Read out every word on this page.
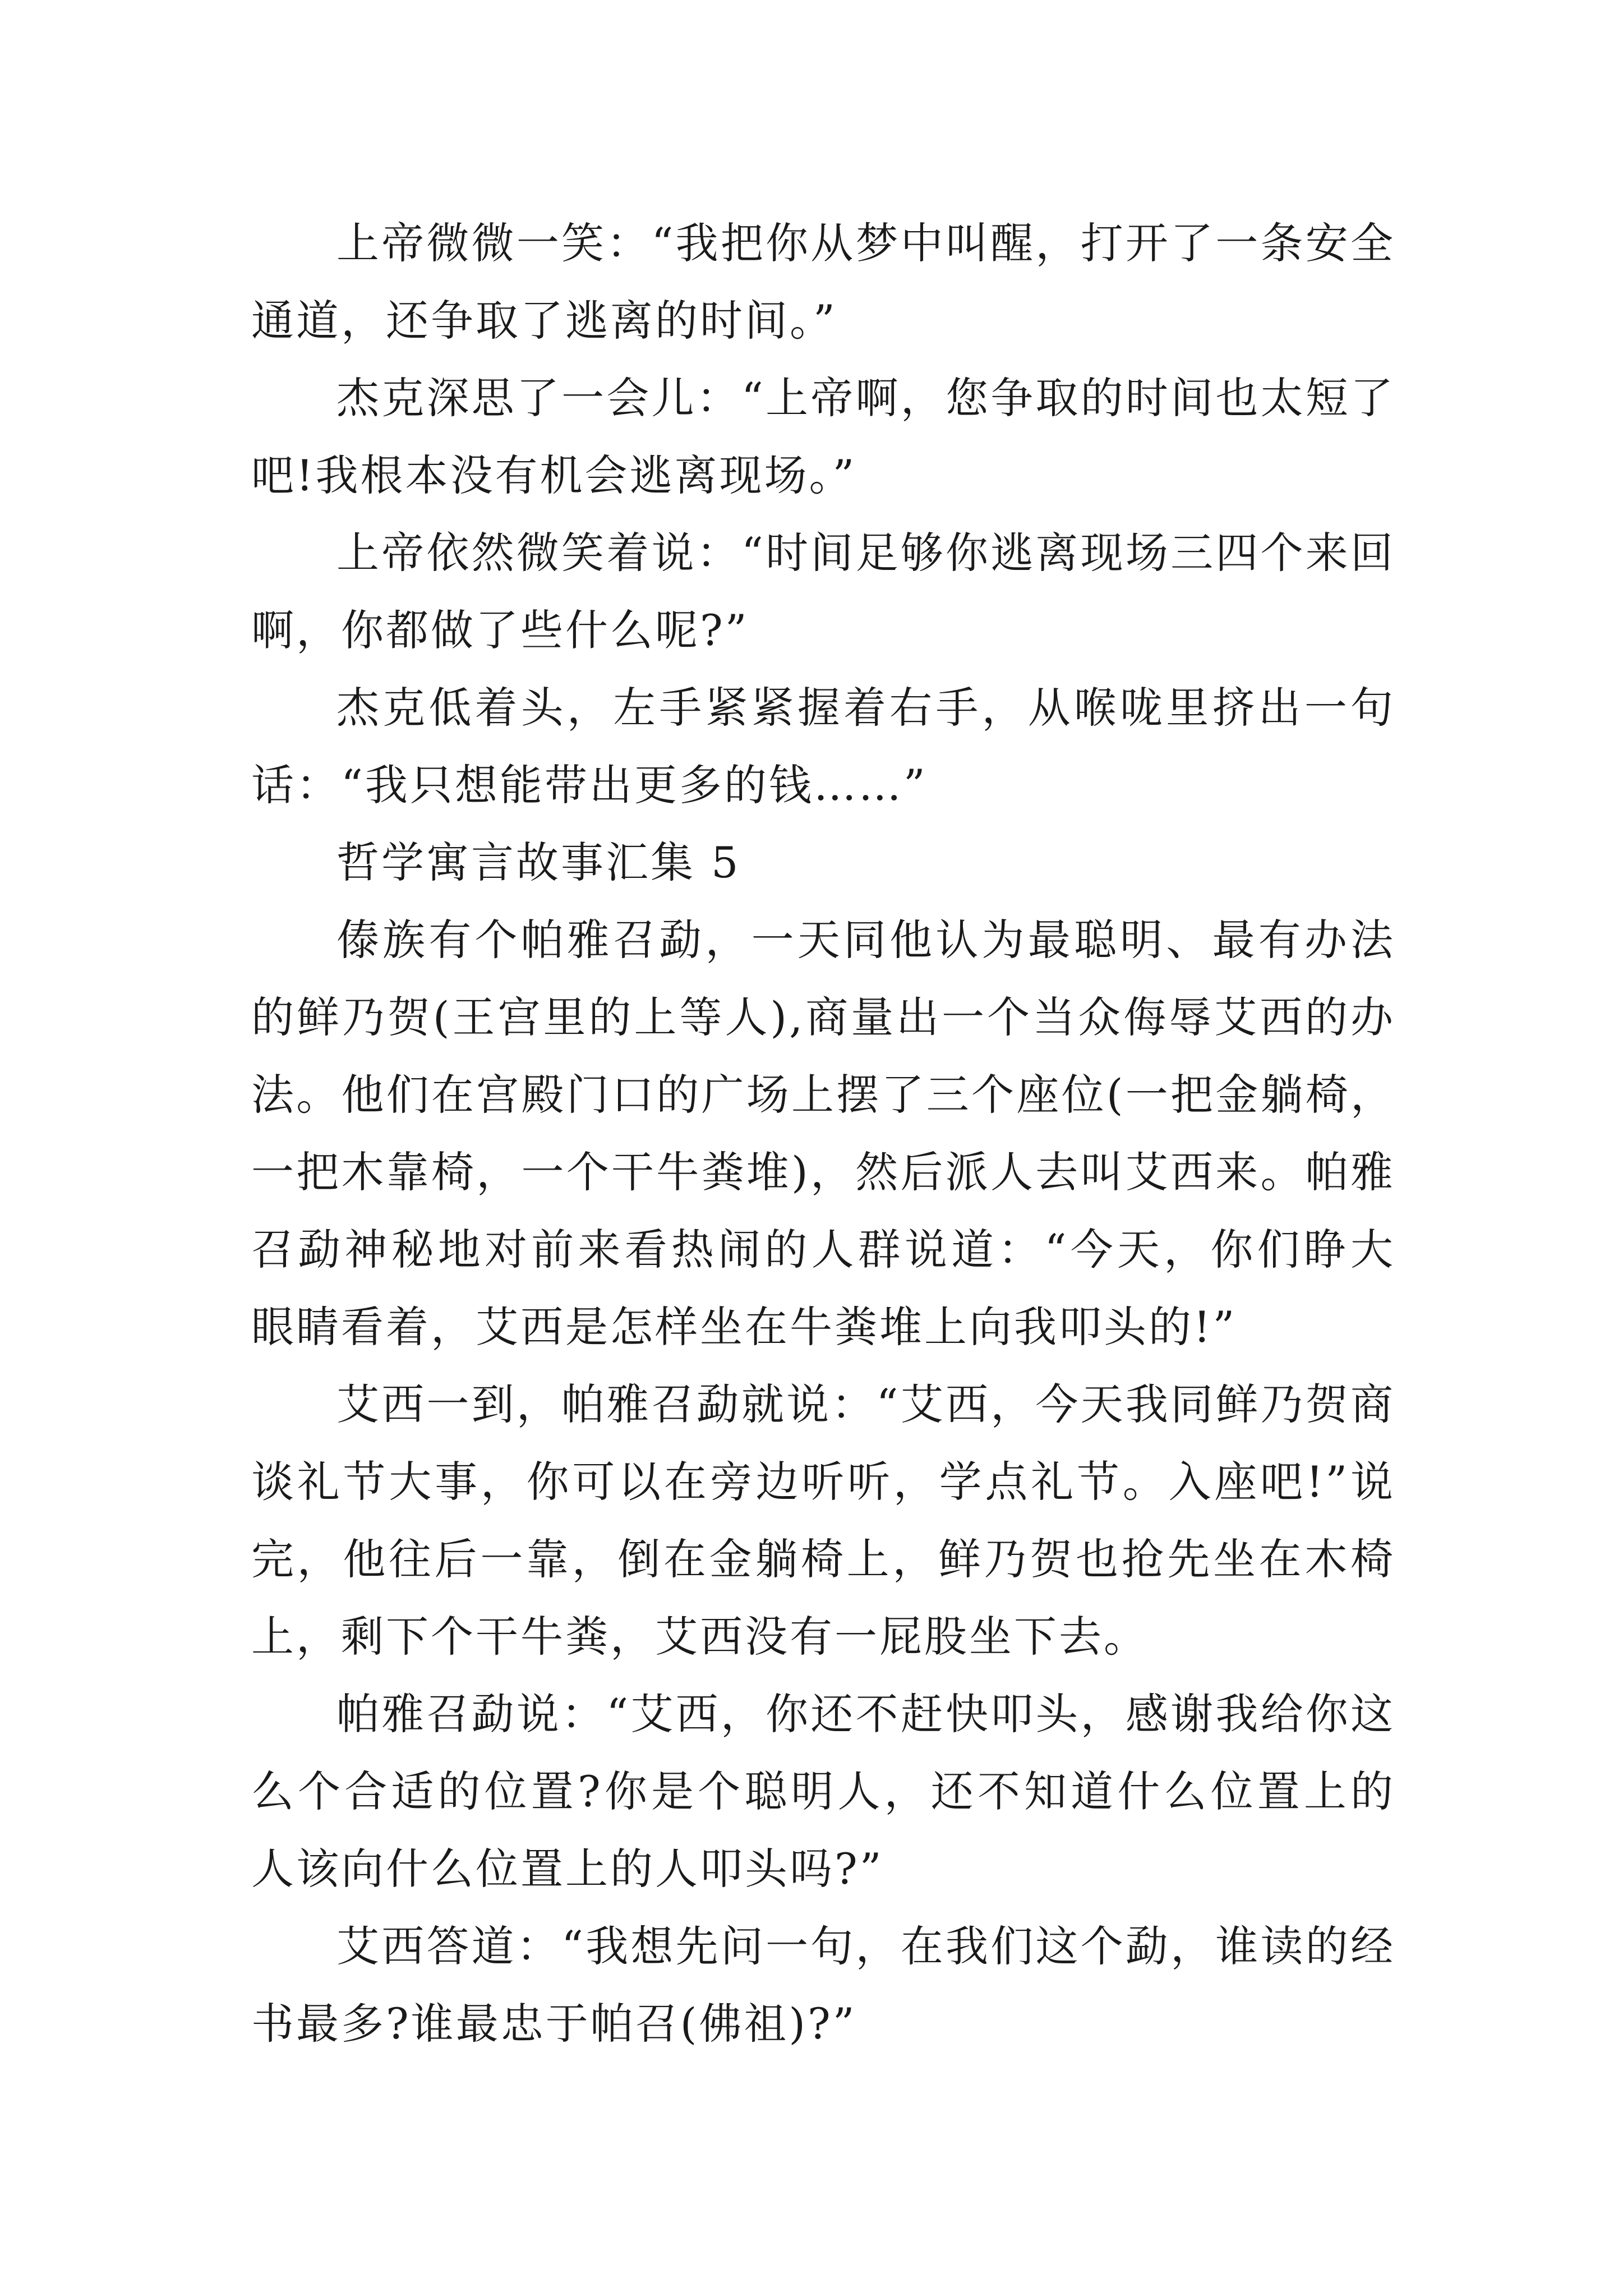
上帝微微一笑：“我把你从梦中叫醒，打开了一条安全通道，还争取了逃离的时间。”

杰克深思了一会儿：“上帝啊，您争取的时间也太短了吧!我根本没有机会逃离现场。”

上帝依然微笑着说：“时间足够你逃离现场三四个来回啊，你都做了些什么呢?”

杰克低着头，左手紧紧握着右手，从喉咙里挤出一句话：“我只想能带出更多的钱……”

哲学寓言故事汇集 5

傣族有个帕雅召勐，一天同他认为最聪明、最有办法的鲜乃贺(王宫里的上等人),商量出一个当众侮辱艾西的办法。他们在宫殿门口的广场上摆了三个座位(一把金躺椅，一把木靠椅，一个干牛粪堆)，然后派人去叫艾西来。帕雅召勐神秘地对前来看热闹的人群说道：“今天，你们睁大眼睛看着，艾西是怎样坐在牛粪堆上向我叩头的!”

艾西一到，帕雅召勐就说：“艾西，今天我同鲜乃贺商谈礼节大事，你可以在旁边听听，学点礼节。入座吧!”说完，他往后一靠，倒在金躺椅上，鲜乃贺也抢先坐在木椅上，剩下个干牛粪，艾西没有一屁股坐下去。

帕雅召勐说：“艾西，你还不赶快叩头，感谢我给你这么个合适的位置?你是个聪明人，还不知道什么位置上的人该向什么位置上的人叩头吗?”

艾西答道：“我想先问一句，在我们这个勐，谁读的经书最多?谁最忠于帕召(佛祖)?”
